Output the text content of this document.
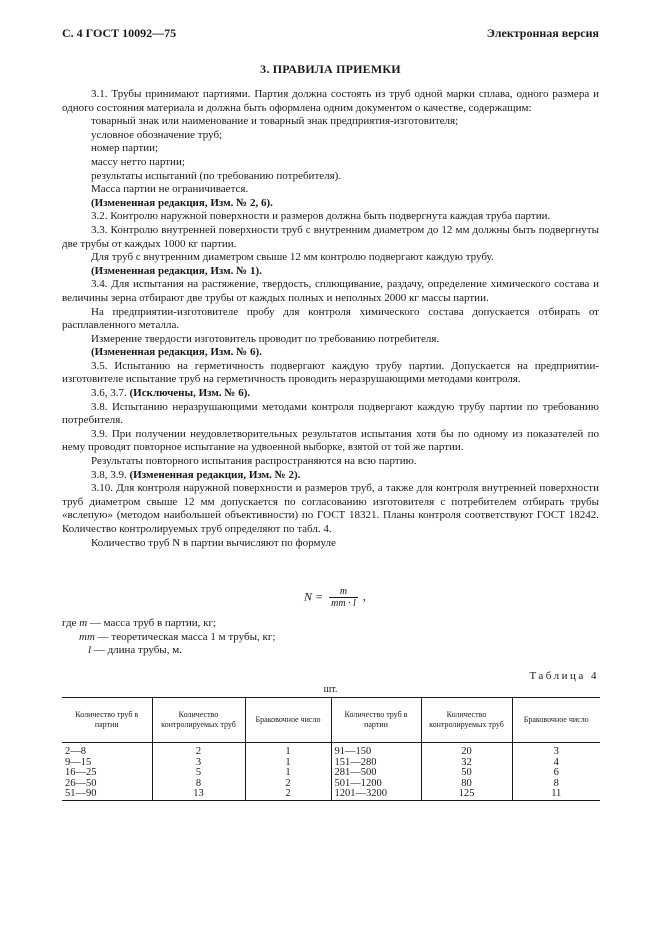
С. 4 ГОСТ 10092—75	Электронная версия
3. ПРАВИЛА ПРИЕМКИ

3.1. Трубы принимают партиями. Партия должна состоять из труб одной марки сплава, одного размера и одного состояния материала и должна быть оформлена одним документом о качестве, содержащим:

товарный знак или наименование и товарный знак предприятия-изготовителя;

условное обозначение труб;

номер партии;

массу нетто партии;

результаты испытаний (по требованию потребителя).

Масса партии не ограничивается.

(Измененная редакция, Изм. № 2, 6).

3.2. Контролю наружной поверхности и размеров должна быть подвергнута каждая труба партии.

3.3. Контролю внутренней поверхности труб с внутренним диаметром до 12 мм должны быть подвергнуты две трубы от каждых 1000 кг партии.

Для труб с внутренним диаметром свыше 12 мм контролю подвергают каждую трубу.

(Измененная редакция, Изм. № 1).

3.4. Для испытания на растяжение, твердость, сплющивание, раздачу, определение химического состава и величины зерна отбирают две трубы от каждых полных и неполных 2000 кг массы партии.

На предприятии-изготовителе пробу для контроля химического состава допускается отбирать от расплавленного металла.

Измерение твердости изготовитель проводит по требованию потребителя.

(Измененная редакция, Изм. № 6).

3.5. Испытанию на герметичность подвергают каждую трубу партии. Допускается на предприятии-изготовителе испытание труб на герметичность проводить неразрушающими методами контроля.

3.6, 3.7. (Исключены, Изм. № 6).

3.8. Испытанию неразрушающими методами контроля подвергают каждую трубу партии по требованию потребителя.

3.9. При получении неудовлетворительных результатов испытания хотя бы по одному из показателей по нему проводят повторное испытание на удвоенной выборке, взятой от той же партии.

Результаты повторного испытания распространяются на всю партию.

3.8, 3.9. (Измененная редакция, Изм. № 2).

3.10. Для контроля наружной поверхности и размеров труб, а также для контроля внутренней поверхности труб диаметром свыше 12 мм допускается по согласованию изготовителя с потребителем отбирать трубы «вслепую» (методом наибольшей объективности) по ГОСТ 18321. Планы контроля соответствуют ГОСТ 18242. Количество контролируемых труб определяют по табл. 4.

Количество труб N в партии вычисляют по формуле

$N = \frac{m}{mт \cdot l}$ ,
где m — масса труб в партии, кг;
mт — теоретическая масса 1 м трубы, кг;
l — длина трубы, м.
Таблица 4
шт.
Количество труб в партии	Количество контролируемых труб	Браковочное число	Количество труб в партии	Количество контролируемых труб	Браковочное число

2—8	2	1	91—150	20	3
9—15	3	1	151—280	32	4
16—25	5	1	281—500	50	6
26—50	8	2	501—1200	80	8
51—90	13	2	1201—3200	125	11
